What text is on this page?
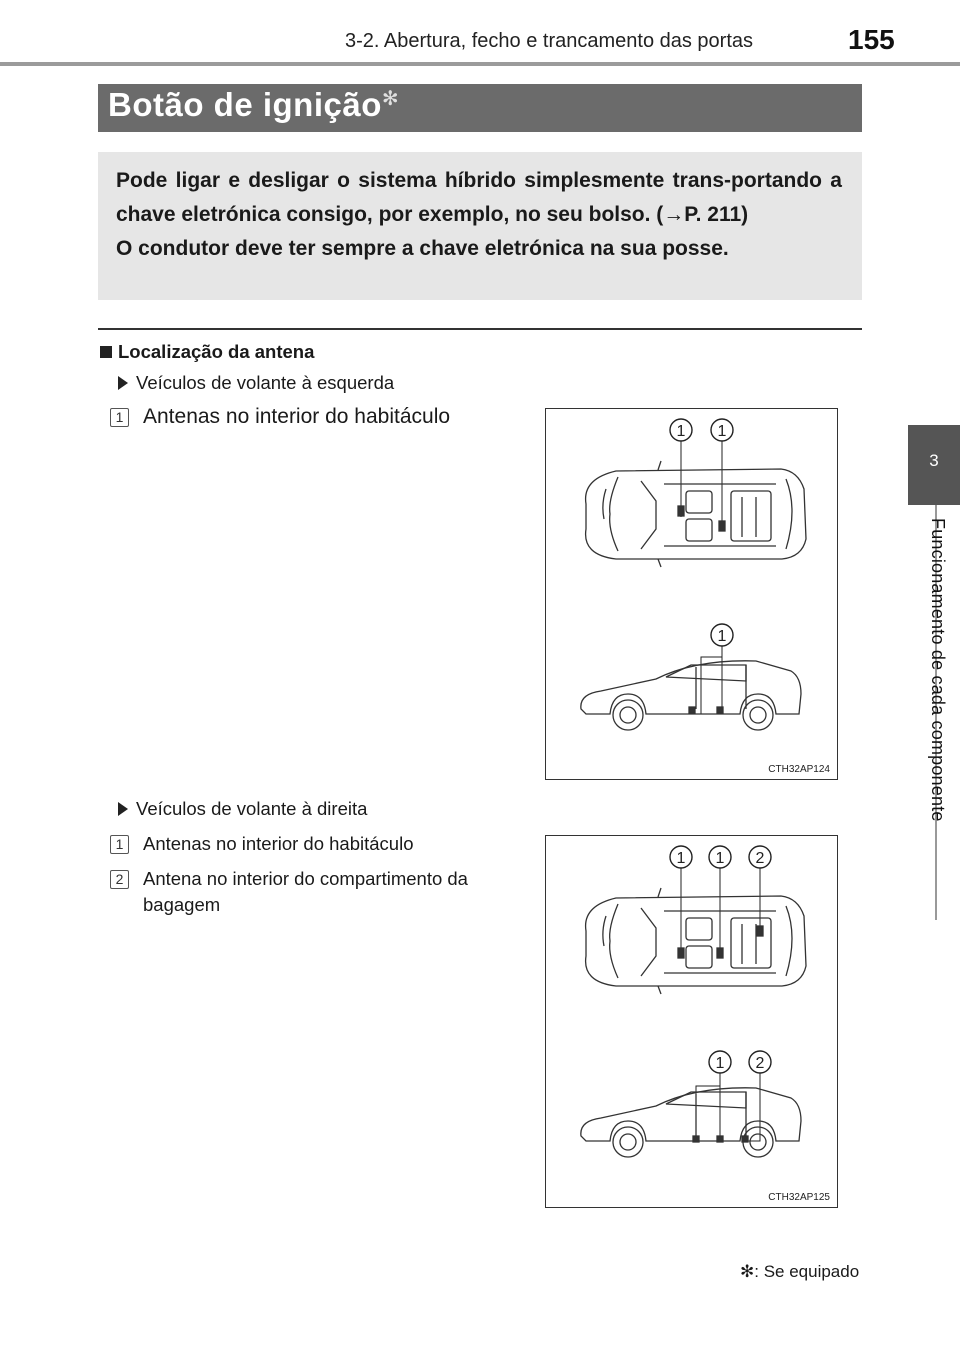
3-2. Abertura, fecho e trancamento das portas	155
3
Funcionamento de cada componente
Botão de ignição✻
Pode ligar e desligar o sistema híbrido simplesmente trans-portando a chave eletrónica consigo, por exemplo, no seu bolso. (→P. 211)
O condutor deve ter sempre a chave eletrónica na sua posse.
Localização da antena
Veículos de volante à esquerda
1 Antenas no interior do habitáculo
1 1
1
CTH32AP124
Veículos de volante à direita
1 Antenas no interior do habitáculo
2	Antena no interior do compartimento da bagagem
1 1 2
1 2
CTH32AP125
✻: Se equipado
